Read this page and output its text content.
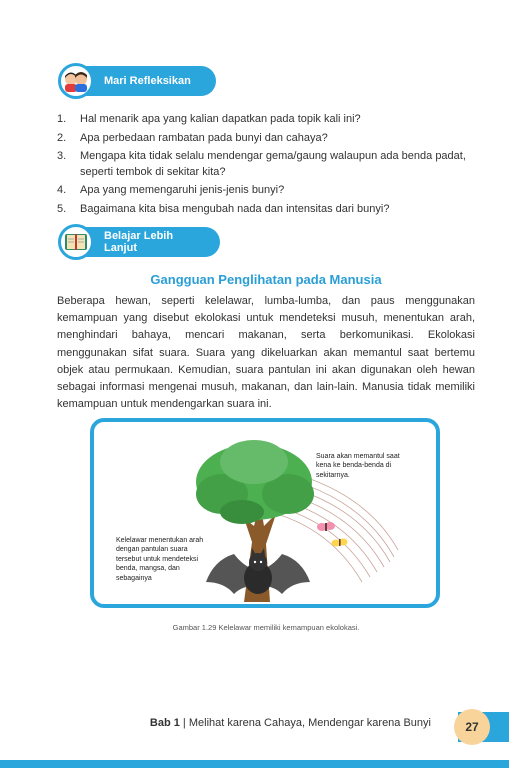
Mari Refleksikan
1. Hal menarik apa yang kalian dapatkan pada topik kali ini?
2. Apa perbedaan rambatan pada bunyi dan cahaya?
3. Mengapa kita tidak selalu mendengar gema/gaung walaupun ada benda padat, seperti tembok di sekitar kita?
4. Apa yang memengaruhi jenis-jenis bunyi?
5. Bagaimana kita bisa mengubah nada dan intensitas dari bunyi?
Belajar Lebih Lanjut
Gangguan Penglihatan pada Manusia

Beberapa hewan, seperti kelelawar, lumba-lumba, dan paus menggunakan kemampuan yang disebut ekolokasi untuk mendeteksi musuh, menentukan arah, menghindari bahaya, mencari makanan, serta berkomunikasi. Ekolokasi menggunakan sifat suara. Suara yang dikeluarkan akan memantul saat bertemu objek atau permukaan. Kemudian, suara pantulan ini akan digunakan oleh hewan sebagai informasi mengenai musuh, makanan, dan lain-lain. Manusia tidak memiliki kemampuan untuk mendengarkan suara ini.

Suara akan memantul saat kena ke benda-benda di sekitarnya.
Kelelawar menentukan arah dengan pantulan suara tersebut untuk mendeteksi benda, mangsa, dan sebagainya
Gambar 1.29 Kelelawar memiliki kemampuan ekolokasi.
Bab 1 | Melihat karena Cahaya, Mendengar karena Bunyi	27
